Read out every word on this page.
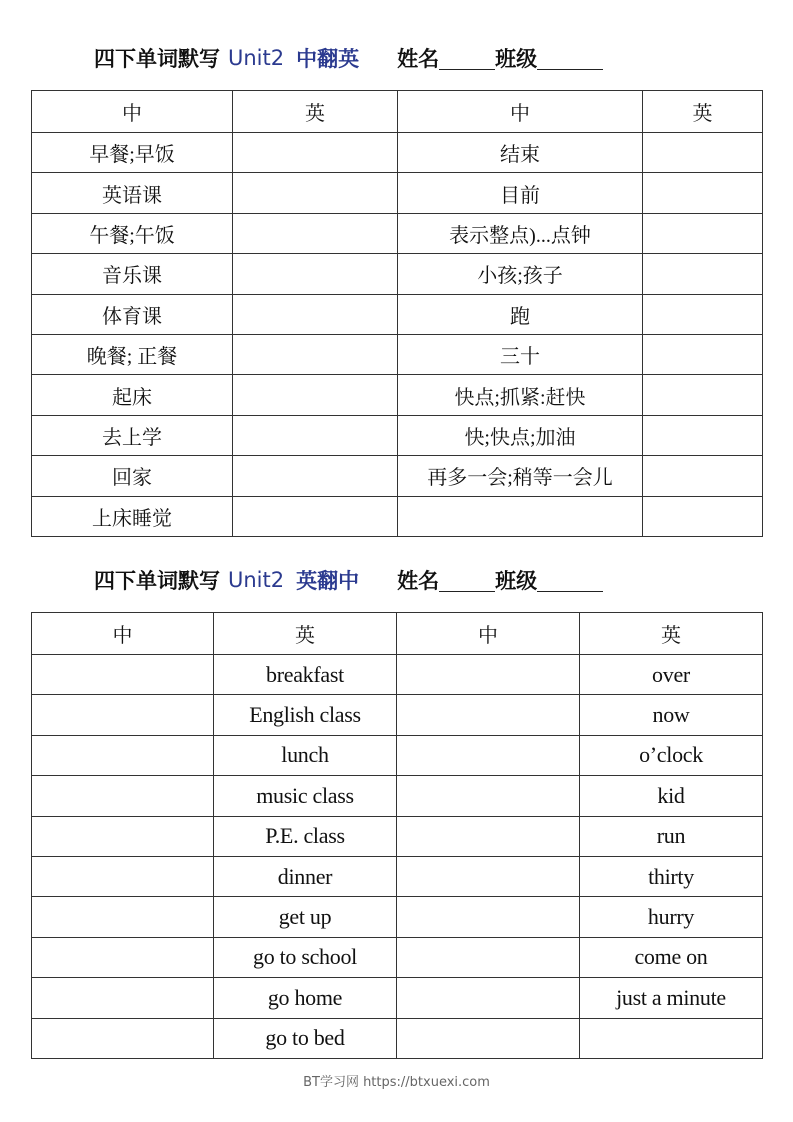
四下单词默写 Unit2 中翻英 姓名	班级
中	英	中	英
早餐;早饭		结束	
英语课		目前	
午餐;午饭		表示整点)...点钟	
音乐课		小孩;孩子	
体育课		跑	
晚餐; 正餐		三十	
起床		快点;抓紧:赶快	
去上学		快;快点;加油	
回家		再多一会;稍等一会儿	
上床睡觉			
四下单词默写 Unit2 英翻中 姓名	班级
中	英	中	英
	breakfast		over
	English class		now
	lunch		o’clock
	music class		kid
	P.E. class		run
	dinner		thirty
	get up		hurry
	go to school		come on
	go home		just a minute
	go to bed		
BT学习网 https://btxuexi.com
